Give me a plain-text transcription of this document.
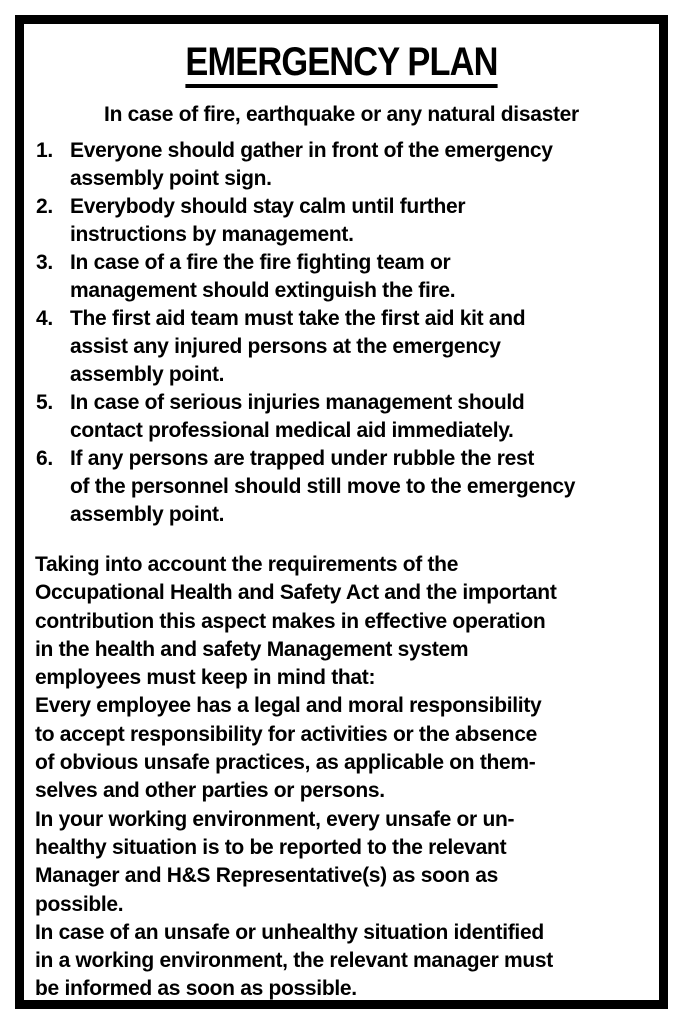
EMERGENCY PLAN
In case of fire, earthquake or any natural disaster
1. Everyone should gather in front of the emergency
assembly point sign.
2. Everybody should stay calm until further
instructions by management.
3. In case of a fire the fire fighting team or
management should extinguish the fire.
4. The first aid team must take the first aid kit and
assist any injured persons at the emergency
assembly point.
5. In case of serious injuries management should
contact professional medical aid immediately.
6. If any persons are trapped under rubble the rest
of the personnel should still move to the emergency
assembly point.

Taking into account the requirements of the
Occupational Health and Safety Act and the important
contribution this aspect makes in effective operation
in the health and safety Management system
employees must keep in mind that:

Every employee has a legal and moral responsibility
to accept responsibility for activities or the absence
of obvious unsafe practices, as applicable on them-
selves and other parties or persons.

In your working environment, every unsafe or un-
healthy situation is to be reported to the relevant
Manager and H&S Representative(s) as soon as
possible.

In case of an unsafe or unhealthy situation identified
in a working environment, the relevant manager must
be informed as soon as possible.
